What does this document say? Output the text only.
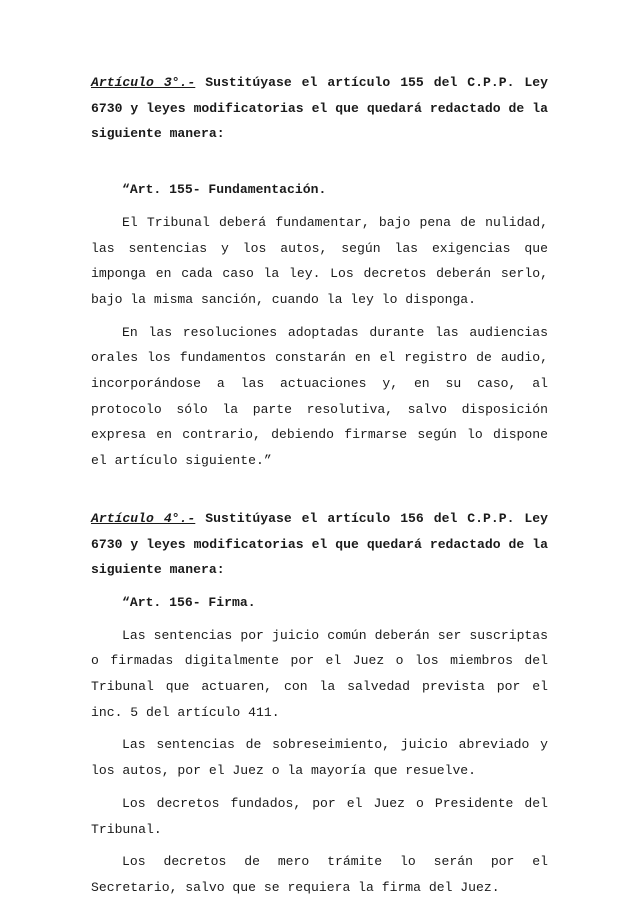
Artículo 3°.- Sustitúyase el artículo 155 del C.P.P. Ley 6730 y leyes modificatorias el que quedará redactado de la siguiente manera:

“Art. 155- Fundamentación.

El Tribunal deberá fundamentar, bajo pena de nulidad, las sentencias y los autos, según las exigencias que imponga en cada caso la ley. Los decretos deberán serlo, bajo la misma sanción, cuando la ley lo disponga.

En las resoluciones adoptadas durante las audiencias orales los fundamentos constarán en el registro de audio, incorporándose a las actuaciones y, en su caso, al protocolo sólo la parte resolutiva, salvo disposición expresa en contrario, debiendo firmarse según lo dispone el artículo siguiente.”

Artículo 4°.- Sustitúyase el artículo 156 del C.P.P. Ley 6730 y leyes modificatorias el que quedará redactado de la siguiente manera:

“Art. 156- Firma.

Las sentencias por juicio común deberán ser suscriptas o firmadas digitalmente por el Juez o los miembros del Tribunal que actuaren, con la salvedad prevista por el inc. 5 del artículo 411.

Las sentencias de sobreseimiento, juicio abreviado y los autos, por el Juez o la mayoría que resuelve.

Los decretos fundados, por el Juez o Presidente del Tribunal.

Los decretos de mero trámite lo serán por el Secretario, salvo que se requiera la firma del Juez.
